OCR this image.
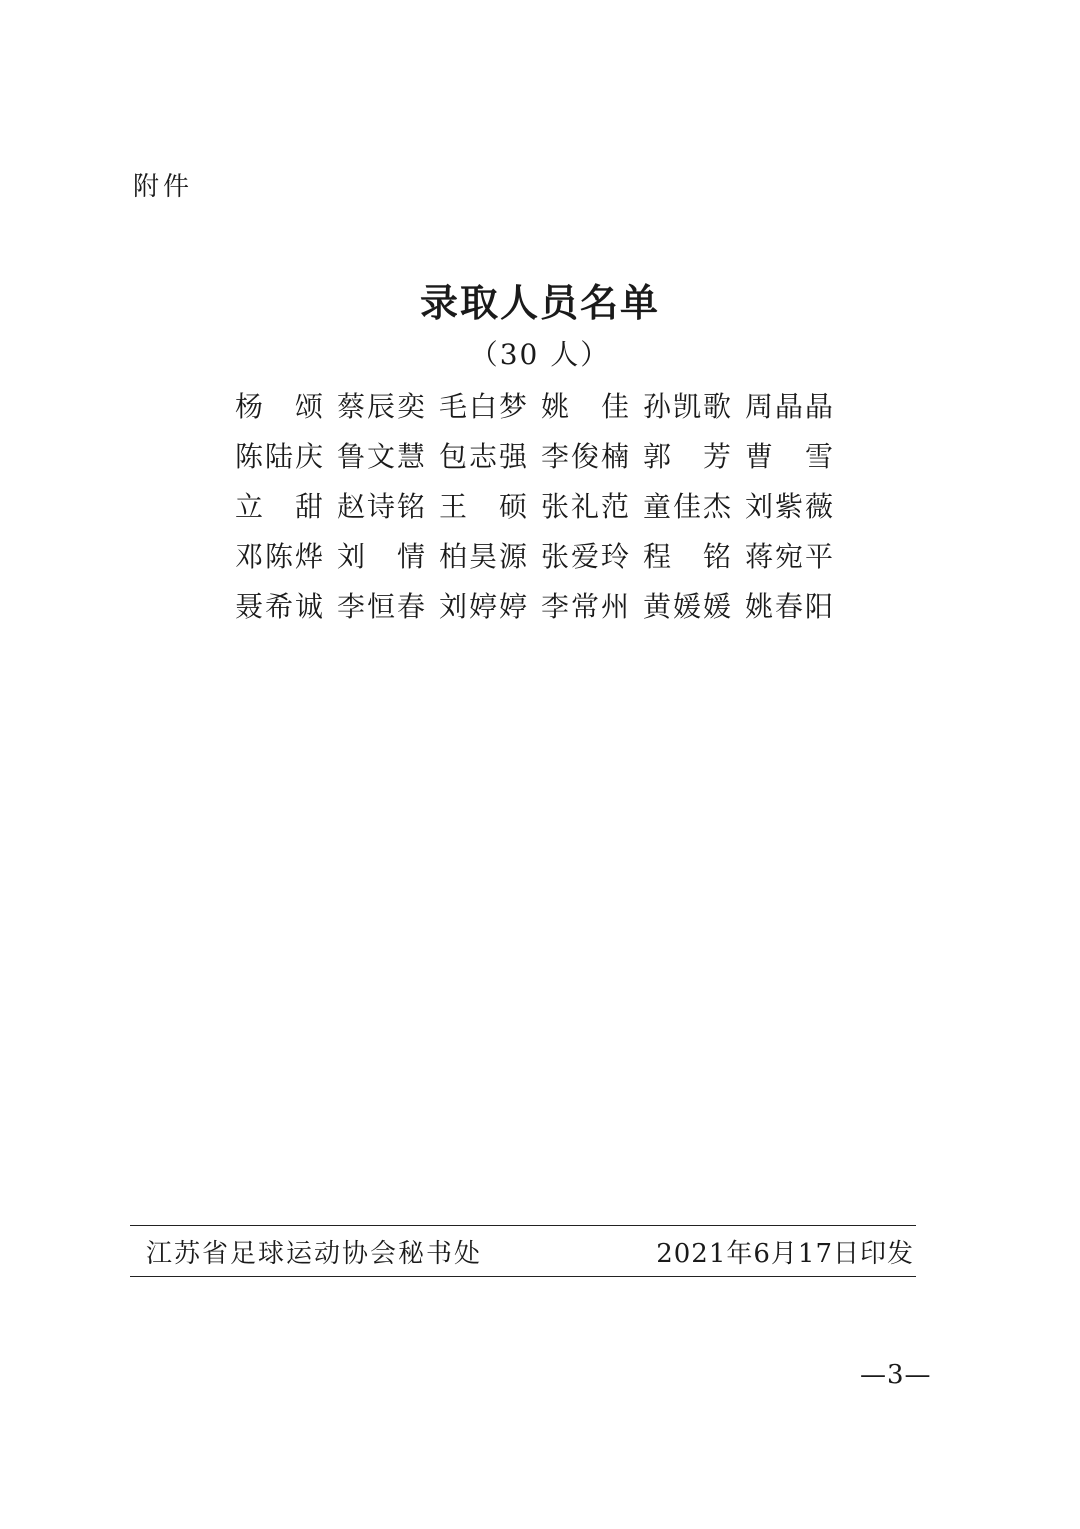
附件
录取人员名单
（30 人）
杨 颂 蔡 辰 奕 毛 白 梦 姚 佳 孙 凯 歌 周 晶 晶
陈 陆 庆 鲁 文 慧 包 志 强 李 俊 楠 郭 芳 曹 雪
立 甜 赵 诗 铭 王 硕 张 礼 范 童 佳 杰 刘 紫 薇
邓 陈 烨 刘 情 柏 昊 源 张 爱 玲 程 铭 蒋 宛 平
聂 希 诚 李 恒 春 刘 婷 婷 李 常 州 黄 媛 媛 姚 春 阳
江苏省足球运动协会秘书处	2021年6月17日印发
—3—
